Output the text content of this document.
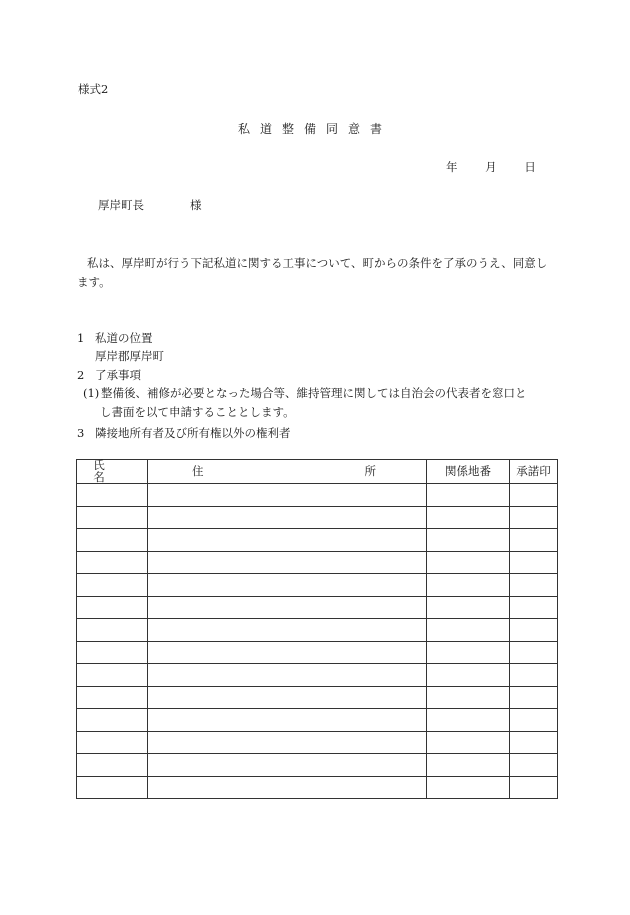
様式2
私道整備同意書
年 月 日
厚岸町長	様
私は、厚岸町が行う下記私道に関する工事について、町からの条件を了承のうえ、同意します。
1 私道の位置
厚岸郡厚岸町
2 了承事項
(1) 整備後、補修が必要となった場合等、維持管理に関しては自治会の代表者を窓口と
し書面を以て申請することとします。
3 隣接地所有者及び所有権以外の権利者
氏名	住 所	関係地番	承諾印
